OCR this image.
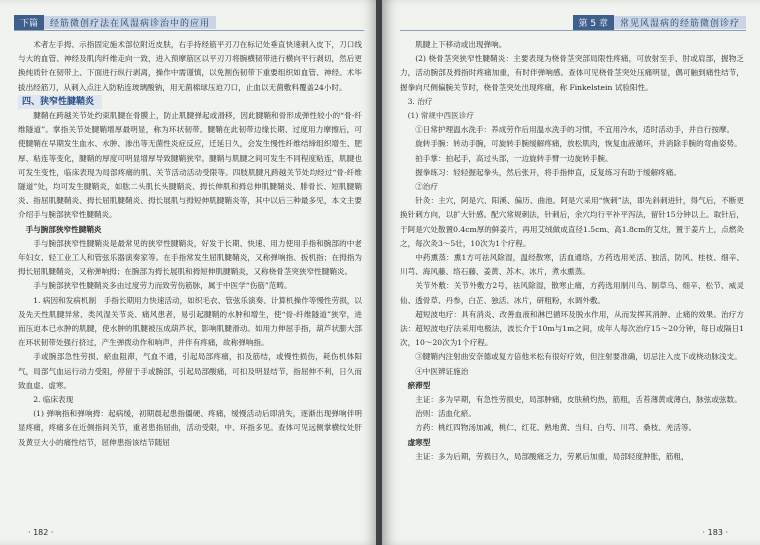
下篇	经筋微创疗法在风湿病诊治中的应用

术者左手拇、示指固定施术部位附近皮肤，右手持经筋平刃刀在标记处垂直快速刺入皮下，刀口线与大的血管、神经及肌肉纤维走向一致，进入预摩筋区以平刃刀将腕横韧带进行横向平行剥切，然后更换纯质针在韧带上、下面进行纵行剥离，操作中需谨慎，以免割伤韧带下重要组织如血管、神经。术毕拔出经筋刀，从刺入点注入防粘连玻璃酸钠，用无菌棉球压迫刀口，止血以无菌敷料覆盖24小时。

四、狭窄性腱鞘炎

腱鞘在跨越关节处约束肌腱在骨膜上，防止肌腱弹起或滑移，因此腱鞘和骨形成弹性较小的“骨-纤维隧道”。掌指关节处腱鞘增厚最明显，称为环状韧带。腱鞘在此韧带边缘长期、过度用力摩擦后，可使腱鞘在早期发生血水、水肿、渗出等无菌性炎症反应，迁延日久，会发生慢性纤维结缔组织增生、肥厚、粘连等变化，腱鞘的厚度可明显增厚导致腱鞘狭窄。腱鞘与肌腱之间可发生不同程度粘连，肌腱也可发生变性，临床表现为局部疼痛的肌、关节活动活动受限等。四肢肌腱凡跨越关节处均经过“骨-纤维隧道”处，均可发生腱鞘炎，如肱二头肌长头腱鞘炎、拇长伸肌和拇总伸肌腱鞘炎、腓骨长、短肌腱鞘炎、指屈肌腱鞘炎、拇长屈肌腱鞘炎、拇长展肌与拇短伸肌腱鞘炎等，其中以后三种最多见，本文主要介绍手与腕部狭窄性腱鞘炎。

手与腕部狭窄性腱鞘炎

手与腕部狭窄性腱鞘炎是最常见的狭窄性腱鞘炎，好发于长期、快速、用力使用手指和腕部的中老年妇女、轻工业工人和管弦乐器演奏家等。在手指常发生屈肌腱鞘炎，又称弹响指、扳机指；在拇指为拇长屈肌腱鞘炎，又称弹响拇；在腕部为拇长展肌和拇短伸肌腱鞘炎，又称桡骨茎突狭窄性腱鞘炎。

手与腕部狭窄性腱鞘炎多由过度劳力而致劳伤筋脉，属于中医学“伤筋”范畴。

1. 病因和发病机制　手指长期用力快速活动，如织毛衣、管弦乐演奏、计算机操作等慢性劳损，以及先天性肌腱异常、类风湿关节炎、痛风患者，易引起腱鞘的水肿和增生，使“骨-纤维隧道”狭窄，进而压迫本已水肿的肌腱，使水肿的肌腱被压成葫芦状，影响肌腱滑动。如用力伸屈手指，葫芦状膨大部在环状韧带处强行挤过，产生弹拨动作和响声，并伴有疼痛，故称弹响指。

手或腕部急性劳损、瘀血阻滞，气血不通，引起局部疼痛，扣及筋结，或慢性损伤，耗伤机体阳气，局部气血运行动力受阻，停留于手或腕部，引起局部酸痛，可扣及明显结节，指屈伸不利，日久而致血虚、虚寒。

2. 临床表现

(1) 弹响指和弹响拇：起病缓，初期晨起患指僵硬、疼痛，缓慢活动后即消失，逐渐出现弹响伴明显疼痛，疼痛多在近侧指间关节，重者患指屈曲，活动受限，中、环指多见。查体可见远侧掌横纹处肝及黄豆大小的痛性结节，屈伸患指该结节随屈

· 182 ·
第 5 章	常见风湿病的经筋微创诊疗

肌腱上下移动或出现弹响。

(2) 桡骨茎突狭窄性腱鞘炎：主要表现为桡骨茎突部局限性疼痛，可放射至手、肘或肩部，握物乏力，活动腕部及拇指时疼痛加重，有时伴弹响感。查体可见桡骨茎突处压痛明显，偶可触到痛性结节，握拳向尺侧偏腕关节时，桡骨茎突处出现疼痛，称 Finkelstein 试验阳性。

3. 治疗

(1) 常规中西医诊疗

①日常护理温水洗手：养成劳作后用温水洗手的习惯，不宜用冷水，适时活动手，并自行按摩。

旋转手腕：转动手腕，可旋转手腕缓解疼痛，放松肌肉，恢复血液循环，并消除手腕的弯曲姿势。

拍手掌：拍起手，高过头部，一边旋转手臂一边旋转手腕。

握拳练习：轻轻握起拳头，然后张开，将手指伸直，反复练习有助于缓解疼痛。

②治疗

针灸：主穴，阿是穴、阳溪、偏历、曲池。阿是穴采用“恢刺”法，即先斜刺进针，得气后，不断更换针刺方向，以扩大针感。配穴常规刺法，针刺后，余穴均行平补平泻法，留针15分钟以上。取针后，于阿是穴处散置0.4cm厚的鲜姜片，再用艾绒做成直径1.5cm、高1.8cm的艾炷，置于姜片上，点燃灸之，每次灸3～5壮，10次为1个疗程。

中药熏蒸：熏1方可祛风除湿，温经散寒，活血通络，方药选用羌活、独活、防风、桂枝、细辛、川芎、海风藤、络石藤、姜黄、苏木、冰片，煮水熏蒸。

关节外敷：关节外敷方2号，祛风除湿，散寒止痛，方药选用制川乌、制草乌、细辛、松节、威灵仙、透骨草、丹参，白芷、独活、冰片，研粗粉，水调外敷。

超短波电疗：具有消炎、改善血液和淋巴循环及脱水作用，从而发挥其消肿、止痛的效果。治疗方法：超短波电疗法采用电极法，波长介于10m与1m之间，成年人每次治疗15～20分钟，每日或隔日1次，10～20次为1个疗程。

③腱鞘内注射曲安奈德或复方倍他米松有很好疗效，但注射要准确，切忌注入皮下或桡动脉浅支。

④中医辨证施治

瘀滞型

主证：多为早期，有急性劳损史，局部肿痛，皮肤稍灼热，筋粗，舌苔薄黄或薄白，脉弦或弦数。

治则：活血化瘀。

方药：桃红四物汤加减，桃仁、红花、熟地黄、当归、白芍、川芎、桑枝、羌活等。

虚寒型

主证：多为后期，劳损日久，局部酸痛乏力，劳累后加重，局部轻度肿胀，筋粗，

· 183 ·
